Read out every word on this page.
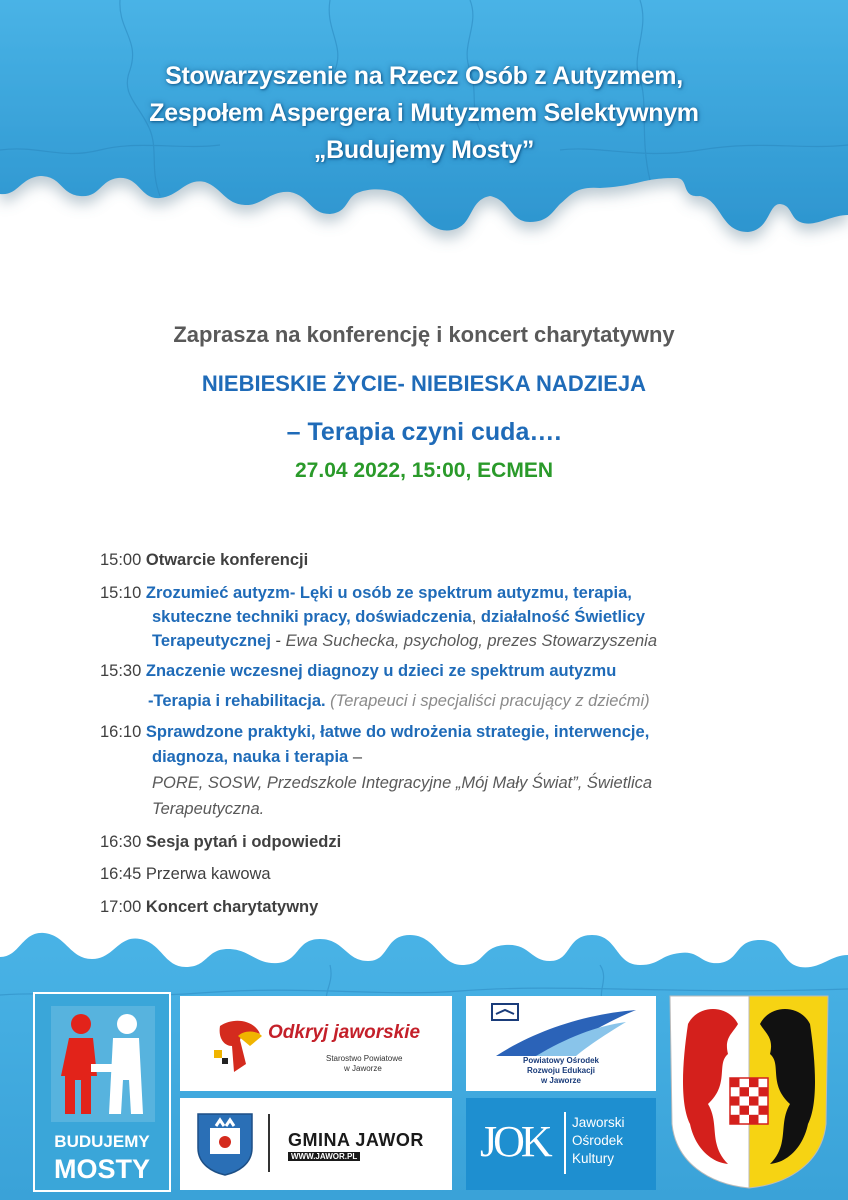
Stowarzyszenie na Rzecz Osób z Autyzmem,
Zespołem Aspergera i Mutyzmem Selektywnym
„Budujemy Mosty”
Zaprasza na konferencję i koncert charytatywny
NIEBIESKIE ŻYCIE- NIEBIESKA NADZIEJA
– Terapia czyni cuda….
27.04 2022, 15:00, ECMEN
15:00 Otwarcie konferencji
15:10 Zrozumieć autyzm- Lęki u osób ze spektrum autyzmu, terapia,
skuteczne techniki pracy, doświadczenia, działalność Świetlicy
Terapeutycznej - Ewa Suchecka, psycholog, prezes Stowarzyszenia
15:30 Znaczenie wczesnej diagnozy u dzieci ze spektrum autyzmu
-Terapia i rehabilitacja. (Terapeuci i specjaliści pracujący z dziećmi)
16:10 Sprawdzone praktyki, łatwe do wdrożenia strategie, interwencje,
diagnoza, nauka i terapia –
PORE, SOSW, Przedszkole Integracyjne „Mój Mały Świat”, Świetlica
Terapeutyczna.
16:30 Sesja pytań i odpowiedzi
16:45 Przerwa kawowa
17:00 Koncert charytatywny
BUDUJEMY
MOSTY
Odkryj jaworskie
Starostwo Powiatowe
w Jaworze
GMINA JAWOR
WWW.JAWOR.PL
Powiatowy Ośrodek
Rozwoju Edukacji
w Jaworze
JOK Jaworski
Ośrodek
Kultury
